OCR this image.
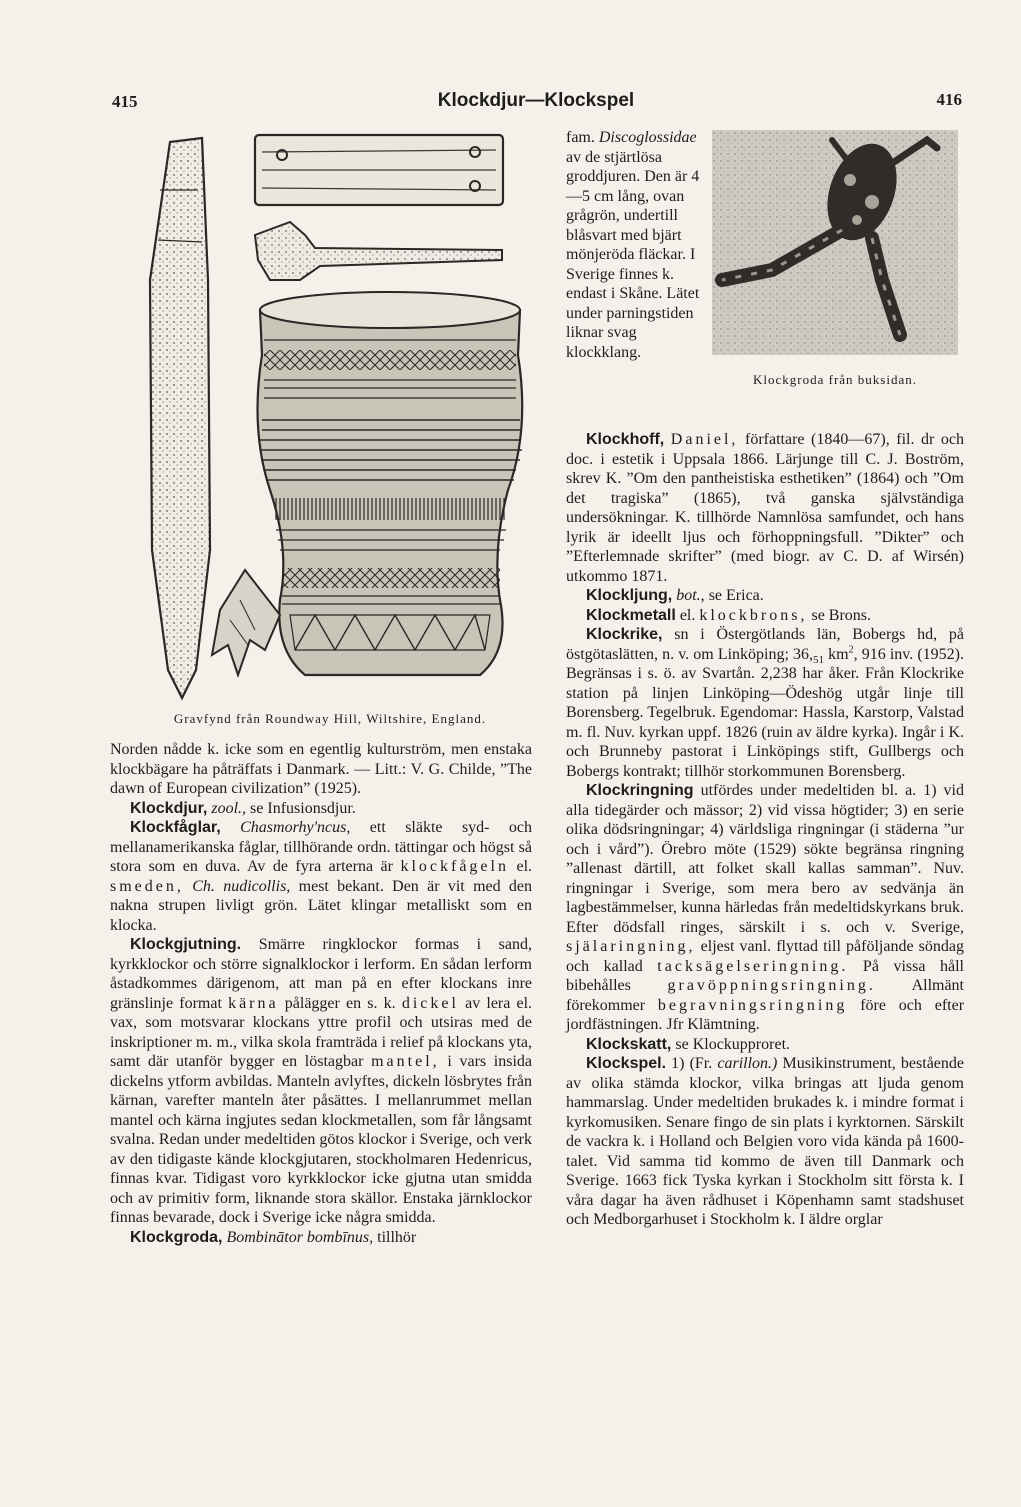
415	Klockdjur—Klockspel	416
Gravfynd från Roundway Hill, Wiltshire, England.
Klockgroda från buksidan.

Norden nådde k. icke som en egentlig kulturström, men enstaka klockbägare ha påträffats i Danmark. — Litt.: V. G. Childe, ”The dawn of European civilization” (1925).

Klockdjur, zool., se Infusionsdjur.

Klockfåglar, Chasmorhy'ncus, ett släkte syd- och mellanamerikanska fåglar, tillhörande ordn. tättingar och högst så stora som en duva. Av de fyra arterna är klockfågeln el. smeden, Ch. nudicollis, mest bekant. Den är vit med den nakna strupen livligt grön. Lätet klingar metalliskt som en klocka.

Klockgjutning. Smärre ringklockor formas i sand, kyrkklockor och större signalklockor i lerform. En sådan lerform åstadkommes därigenom, att man på en efter klockans inre gränslinje format kärna pålägger en s. k. dickel av lera el. vax, som motsvarar klockans yttre profil och utsiras med de inskriptioner m. m., vilka skola framträda i relief på klockans yta, samt där utanför bygger en löstagbar mantel, i vars insida dickelns ytform avbildas. Manteln avlyftes, dickeln lösbrytes från kärnan, varefter manteln åter påsättes. I mellanrummet mellan mantel och kärna ingjutes sedan klockmetallen, som får långsamt svalna. Redan under medeltiden götos klockor i Sverige, och verk av den tidigaste kände klockgjutaren, stockholmaren Hedenricus, finnas kvar. Tidigast voro kyrkklockor icke gjutna utan smidda och av primitiv form, liknande stora skällor. Enstaka järnklockor finnas bevarade, dock i Sverige icke några smidda.

Klockgroda, Bombinātor bombīnus, tillhör

fam. Discoglossidae av de stjärtlösa groddjuren. Den är 4—5 cm lång, ovan grågrön, undertill blåsvart med bjärt mönjeröda fläckar. I Sverige finnes k. endast i Skåne. Lätet under parningstiden liknar svag klockklang.

Klockhoff, Daniel, författare (1840—67), fil. dr och doc. i estetik i Uppsala 1866. Lärjunge till C. J. Boström, skrev K. ”Om den pantheistiska esthetiken” (1864) och ”Om det tragiska” (1865), två ganska självständiga undersökningar. K. tillhörde Namnlösa samfundet, och hans lyrik är ideellt ljus och förhoppningsfull. ”Dikter” och ”Efterlemnade skrifter” (med biogr. av C. D. af Wirsén) utkommo 1871.

Klockljung, bot., se Erica.

Klockmetall el. klockbrons, se Brons.

Klockrike, sn i Östergötlands län, Bobergs hd, på östgötaslätten, n. v. om Linköping; $36,_{51}$ $km^2$, 916 inv. (1952). Begränsas i s. ö. av Svartån. 2,238 har åker. Från Klockrike station på linjen Linköping—Ödeshög utgår linje till Borensberg. Tegelbruk. Egendomar: Hassla, Karstorp, Valstad m. fl. Nuv. kyrkan uppf. 1826 (ruin av äldre kyrka). Ingår i K. och Brunneby pastorat i Linköpings stift, Gullbergs och Bobergs kontrakt; tillhör storkommunen Borensberg.

Klockringning utfördes under medeltiden bl. a. 1) vid alla tidegärder och mässor; 2) vid vissa högtider; 3) en serie olika dödsringningar; 4) världsliga ringningar (i städerna ”ur och i vård”). Örebro möte (1529) sökte begränsa ringning ”allenast därtill, att folket skall kallas samman”. Nuv. ringningar i Sverige, som mera bero av sedvänja än lagbestämmelser, kunna härledas från medeltidskyrkans bruk. Efter dödsfall ringes, särskilt i s. och v. Sverige, själaringning, eljest vanl. flyttad till påföljande söndag och kallad tacksägelseringning. På vissa håll bibehålles gravöppningsringning. Allmänt förekommer begravningsringning före och efter jordfästningen. Jfr Klämtning.

Klockskatt, se Klockupproret.

Klockspel. 1) (Fr. carillon.) Musikinstrument, bestående av olika stämda klockor, vilka bringas att ljuda genom hammarslag. Under medeltiden brukades k. i mindre format i kyrkomusiken. Senare fingo de sin plats i kyrktornen. Särskilt de vackra k. i Holland och Belgien voro vida kända på 1600-talet. Vid samma tid kommo de även till Danmark och Sverige. 1663 fick Tyska kyrkan i Stockholm sitt första k. I våra dagar ha även rådhuset i Köpenhamn samt stadshuset och Medborgarhuset i Stockholm k. I äldre orglar
